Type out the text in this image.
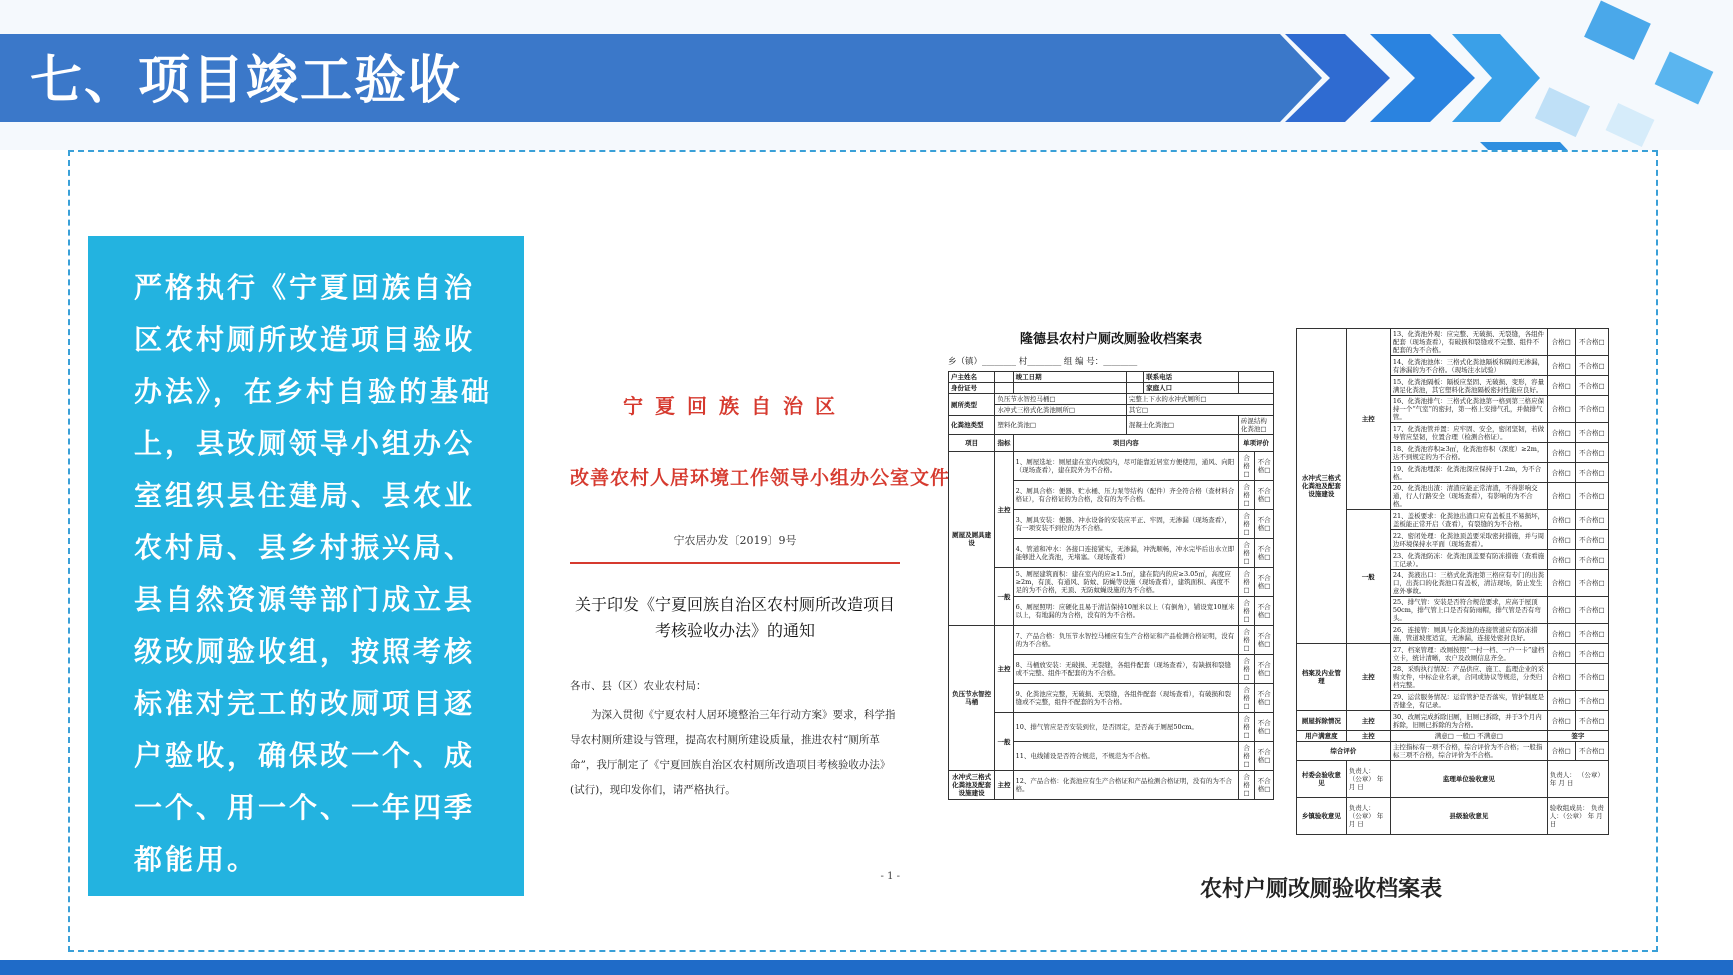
七、项目竣工验收
严格执行《宁夏回族自治区农村厕所改造项目验收办法》，在乡村自验的基础上，县改厕领导小组办公室组织县住建局、县农业农村局、县乡村振兴局、县自然资源等部门成立县级改厕验收组，按照考核标准对完工的改厕项目逐户验收，确保改一个、成一个、用一个、一年四季都能用。
宁夏回族自治区
改善农村人居环境工作领导小组办公室文件
宁农居办发〔2019〕9号
关于印发《宁夏回族自治区农村厕所改造项目考核验收办法》的通知
各市、县（区）农业农村局：
为深入贯彻《宁夏农村人居环境整治三年行动方案》要求，科学指导农村厕所建设与管理，提高农村厕所建设质量，推进农村“厕所革命”，我厅制定了《宁夏回族自治区农村厕所改造项目考核验收办法》(试行)，现印发你们，请严格执行。
- 1 -
隆德县农村户厕改厕验收档案表
乡（镇）________ 村________ 组 编 号：________
户主姓名		竣工日期		联系电话		
身份证号				家庭人口		
厕所类型	负压节水智控马桶□		完整上下水的水冲式厕所□			
	水冲式三格式化粪池厕所□		其它□			
化粪池类型	塑料化粪池□		混凝土化粪池□		砖混结构化粪池□	
项目	指标	项目内容			单项评价	
厕屋及厕具建设	主控	1、厕屋选址：厕屋建在室内或院内，尽可能靠近居室方便使用，通风、向阳（现场查看），建在院外为不合格。			合格□	不合格□
		2、厕具合格：便器、贮水桶、压力泵等结构（配件）齐全符合格（查材料合格证），有合格证的为合格，没有的为不合格。			合格□	不合格□
		3、厕具安装：便器、冲水设备的安装应平正、牢固，无渗漏（现场查看），有一项安装不到位的为不合格。			合格□	不合格□
		4、管道和冲水：各接口连接紧实，无渗漏，冲洗顺畅，冲水完毕后出水立即能够进入化粪池，无堵塞。（现场查看）			合格□	不合格□
	一般	5、厕屋建筑面积：建在室内的应≥1.5㎡，建在院内的应≥3.05㎡，高度应≥2m，有顶、有通风、防蚊、防蝇等设施（现场查看），建筑面积、高度不足的为不合格，无顶、无防蚊蝇设施的为不合格。			合格□	不合格□
		6、厕屋照明：应硬化且易于清洁保持10厘米以上（有倒角），铺设宽10厘米以上，有地漏的为合格，没有的为不合格。			合格□	不合格□
负压节水智控马桶	主控	7、产品合格：负压节水智控马桶应有生产合格证和产品检测合格证明，没有的为不合格。			合格□	不合格□
		8、马桶放安装：无破损、无裂缝，各组件配套（现场查看），有缺损和裂缝或不完整、组件不配套的为不合格。			合格□	不合格□
		9、化粪池应完整，无破损、无裂缝，各组件配套（现场查看），有破损和裂缝或不完整，组件不配套的为不合格。			合格□	不合格□
	一般	10、排气管应是否安装到位，是否固定，是否高于厕屋50cm。			合格□	不合格□
		11、电线铺设是否符合规范，不规范为不合格。			合格□	不合格□
水冲式三格式化粪池及配套设施建设	主控	12、产品合格：化粪池应有生产合格证和产品检测合格证明，没有的为不合格。			合格□	不合格□
水冲式三格式化粪池及配套设施建设	主控	13、化粪池外观：应完整、无破损、无裂缝，各组件配套（现场查看），有破损和裂缝或不完整、组件不配套的为不合格。	合格□	不合格□
		14、化粪池池体：三格式化粪池隔板和隔间无渗漏，有渗漏的为不合格。（现场注水试验）	合格□	不合格□
		15、化粪池隔板：隔板应坚固、无破损、变形，容量满足化粪池，其它塑料化粪池隔板密封性能应良好。	合格□	不合格□
		16、化粪池排气：三格式化粪池第一格到第三格应保持一个“气室”的密封，第一格上安排气孔，并做排气管。	合格□	不合格□
		17、化粪池管并置：应牢固、安全，密闭坚韧，若做导管应坚韧，位置合理（检测合格证）。	合格□	不合格□
		18、化粪池容积≥3㎡，化粪池容积（深度）≥2m，达不到规定的为不合格。	合格□	不合格□
		19、化粪池埋深：化粪池深应保持于1.2m，为不合格。	合格□	不合格□
		20、化粪池出渣：清渣应能正常清渣，不得影响交通，行人行路安全（现场查看），有影响的为不合格。	合格□	不合格□
	一般	21、盖板要求：化粪池出渣口应有盖板且不易损坏，盖板能正常开启（查看），有裂缝的为不合格。	合格□	不合格□
		22、密闭处理：化粪池顶盖要采取密封措施，并与周边环境保持水平面（现场查看）。	合格□	不合格□
		23、化粪池防冻：化粪池顶盖要有防冻措施（查看施工记录）。	合格□	不合格□
		24、粪液出口：三格式化粪池第三格应有专门的出粪口，出粪口的化粪池口有盖板，清洁现场，防止发生意外事故。	合格□	不合格□
		25、排气管：安装是否符合规范要求，应高于屋顶50cm，排气管上口是否有防雨帽，排气管是否有弯头。	合格□	不合格□
		26、连接管：厕具与化粪池的连接管道应有防冻措施，管道坡度适宜，无渗漏，连接处密封良好。	合格□	不合格□
档案及内业管理	主控	27、档案管理：改厕按照“一村一档、一户一卡”建档立卡，统计清晰，农户及改厕信息齐全。	合格□	不合格□
		28、采购执行情况：产品供应、施工、监理企业的采购文件，中标企业名录，合同或协议等规范，分类归档完整。	合格□	不合格□
		29、运营服务情况：运营管护是否落实，管护制度是否健全，有记录。	合格□	不合格□
厕屋拆除情况	主控	30、改厕完成拆除旧厕，旧厕已拆除，并于3个月内拆除，旧厕已拆除的为合格。	合格□	不合格□
用户满意度	主控	满意□ 一般□ 不满意□	签字	
综合评价		主控指标有一项不合格，综合评价为不合格；一般指标三项不合格，综合评价为不合格。	合格□	不合格□
村委会验收意见	负责人： （公章） 年 月 日	监理单位验收意见	负责人： （公章） 年 月 日	
乡镇验收意见	负责人： （公章） 年 月 日	县级验收意见	验收组成员： 负责人：（公章） 年 月 日	
农村户厕改厕验收档案表
